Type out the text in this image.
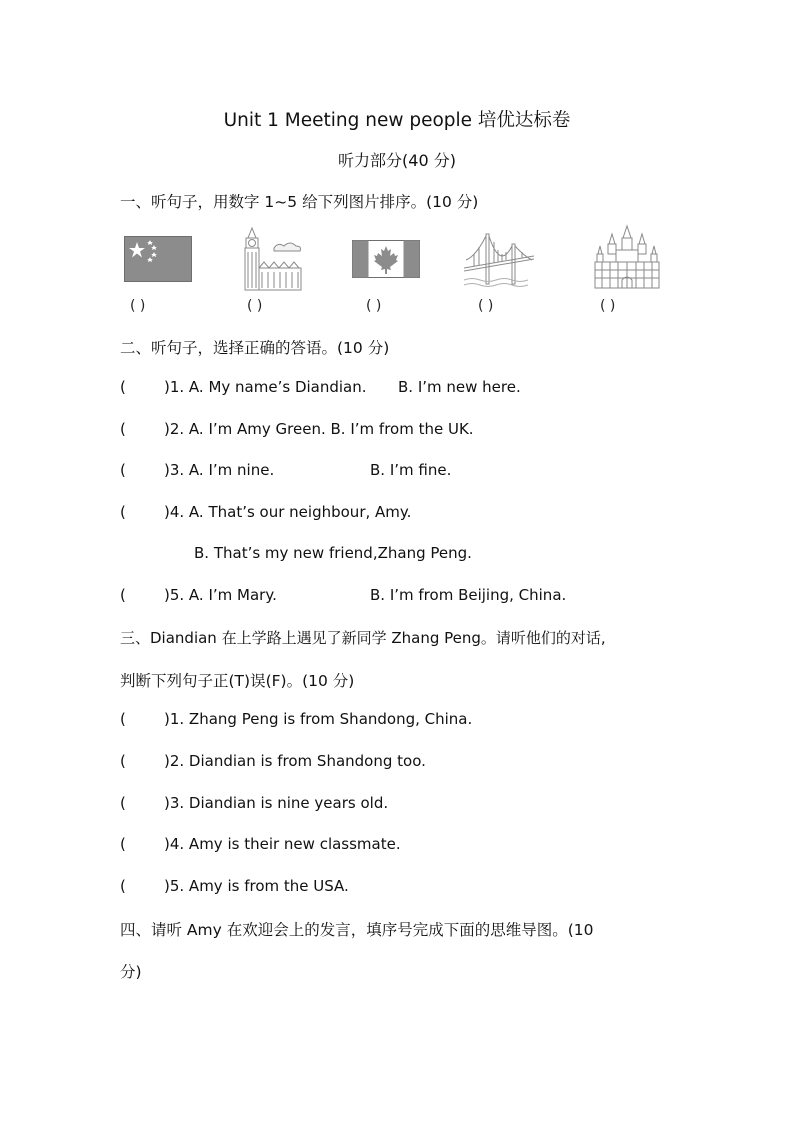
Unit 1 Meeting new people 培优达标卷
听力部分(40 分)
一、听句子，用数字 1~5 给下列图片排序。(10 分)
( )	( )	( )	( )	( )
二、听句子，选择正确的答语。(10 分)
(	)1. A. My name’s Diandian. B. I’m new here.
(	)2. A. I’m Amy Green. B. I’m from the UK.
(	)3. A. I’m nine.	B. I’m fine.
(	)4. A. That’s our neighbour, Amy.
B. That’s my new friend,Zhang Peng.
(	)5. A. I’m Mary.	B. I’m from Beijing, China.
三、Diandian 在上学路上遇见了新同学 Zhang Peng。请听他们的对话,
判断下列句子正(T)误(F)。(10 分)
(	)1. Zhang Peng is from Shandong, China.
(	)2. Diandian is from Shandong too.
(	)3. Diandian is nine years old.
(	)4. Amy is their new classmate.
(	)5. Amy is from the USA.
四、请听 Amy 在欢迎会上的发言，填序号完成下面的思维导图。(10
分)
